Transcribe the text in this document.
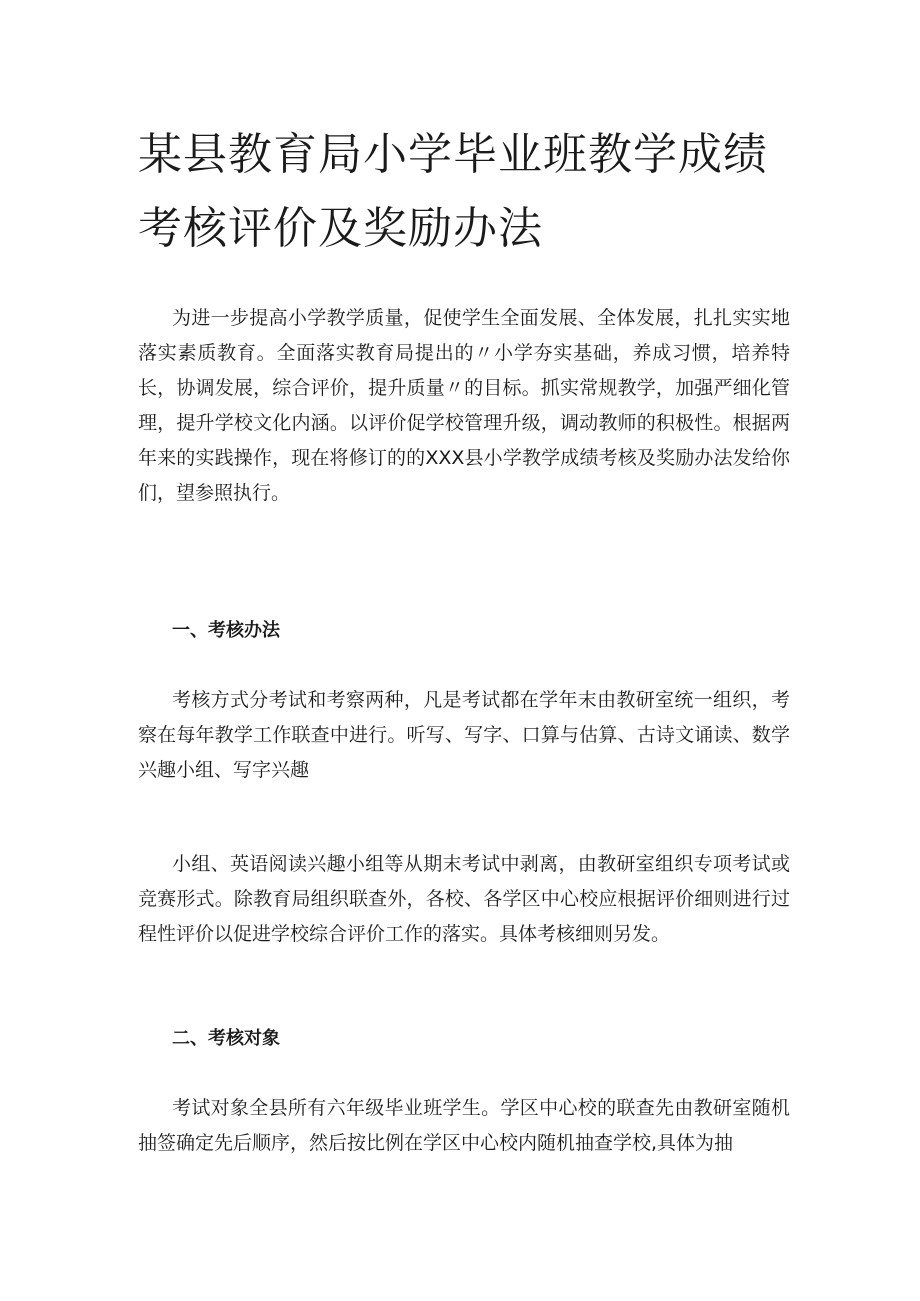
某县教育局小学毕业班教学成绩考核评价及奖励办法

为进一步提高小学教学质量，促使学生全面发展、全体发展，扎扎实实地落实素质教育。全面落实教育局提出的〃小学夯实基础，养成习惯，培养特长，协调发展，综合评价，提升质量〃的目标。抓实常规教学，加强严细化管理，提升学校文化内涵。以评价促学校管理升级，调动教师的积极性。根据两年来的实践操作，现在将修订的的XXX县小学教学成绩考核及奖励办法发给你们，望参照执行。

一、考核办法

考核方式分考试和考察两种，凡是考试都在学年末由教研室统一组织，考察在每年教学工作联查中进行。听写、写字、口算与估算、古诗文诵读、数学兴趣小组、写字兴趣

小组、英语阅读兴趣小组等从期末考试中剥离，由教研室组织专项考试或竞赛形式。除教育局组织联查外，各校、各学区中心校应根据评价细则进行过程性评价以促进学校综合评价工作的落实。具体考核细则另发。

二、考核对象

考试对象全县所有六年级毕业班学生。学区中心校的联查先由教研室随机抽签确定先后顺序，然后按比例在学区中心校内随机抽查学校,具体为抽
